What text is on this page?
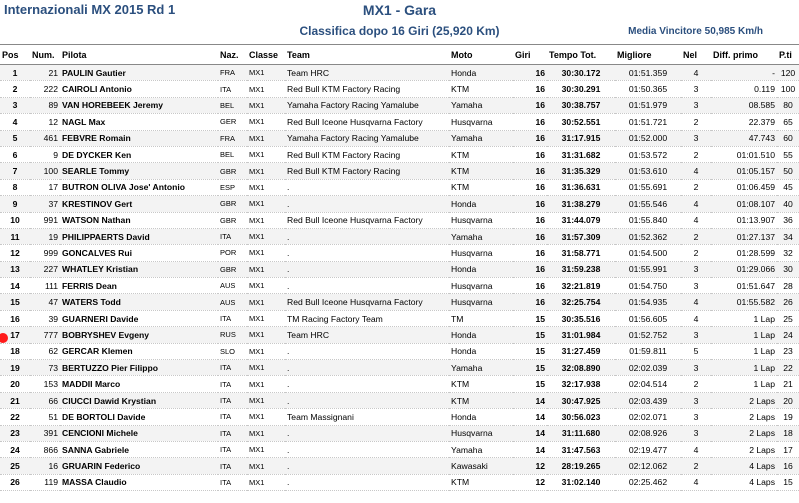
Internazionali MX 2015 Rd 1	MX1 - Gara
Classifica dopo 16 Giri (25,920 Km)	Media Vincitore 50,985 Km/h
Pos	Num.	Pilota	Naz.	Classe	Team	Moto	Giri	Tempo Tot.	Migliore	Nel	Diff. primo	P.ti
1	21	PAULIN Gautier	FRA	MX1	Team HRC	Honda	16	30:30.172	01:51.359	4	-	120
2	222	CAIROLI Antonio	ITA	MX1	Red Bull KTM Factory Racing	KTM	16	30:30.291	01:50.365	3	0.119	100
3	89	VAN HOREBEEK Jeremy	BEL	MX1	Yamaha Factory Racing Yamalube	Yamaha	16	30:38.757	01:51.979	3	08.585	80
4	12	NAGL Max	GER	MX1	Red Bull Iceone Husqvarna Factory	Husqvarna	16	30:52.551	01:51.721	2	22.379	65
5	461	FEBVRE Romain	FRA	MX1	Yamaha Factory Racing Yamalube	Yamaha	16	31:17.915	01:52.000	3	47.743	60
6	9	DE DYCKER Ken	BEL	MX1	Red Bull KTM Factory Racing	KTM	16	31:31.682	01:53.572	2	01:01.510	55
7	100	SEARLE Tommy	GBR	MX1	Red Bull KTM Factory Racing	KTM	16	31:35.329	01:53.610	4	01:05.157	50
8	17	BUTRON OLIVA Jose' Antonio	ESP	MX1	.	KTM	16	31:36.631	01:55.691	2	01:06.459	45
9	37	KRESTINOV Gert	GBR	MX1	.	Honda	16	31:38.279	01:55.546	4	01:08.107	40
10	991	WATSON Nathan	GBR	MX1	Red Bull Iceone Husqvarna Factory	Husqvarna	16	31:44.079	01:55.840	4	01:13.907	36
11	19	PHILIPPAERTS David	ITA	MX1	.	Yamaha	16	31:57.309	01:52.362	2	01:27.137	34
12	999	GONCALVES Rui	POR	MX1	.	Husqvarna	16	31:58.771	01:54.500	2	01:28.599	32
13	227	WHATLEY Kristian	GBR	MX1	.	Honda	16	31:59.238	01:55.991	3	01:29.066	30
14	111	FERRIS Dean	AUS	MX1	.	Husqvarna	16	32:21.819	01:54.750	3	01:51.647	28
15	47	WATERS Todd	AUS	MX1	Red Bull Iceone Husqvarna Factory	Husqvarna	16	32:25.754	01:54.935	4	01:55.582	26
16	39	GUARNERI Davide	ITA	MX1	TM Racing Factory Team	TM	15	30:35.516	01:56.605	4	1 Lap	25
17	777	BOBRYSHEV Evgeny	RUS	MX1	Team HRC	Honda	15	31:01.984	01:52.752	3	1 Lap	24
18	62	GERCAR Klemen	SLO	MX1	.	Honda	15	31:27.459	01:59.811	5	1 Lap	23
19	73	BERTUZZO Pier Filippo	ITA	MX1	.	Yamaha	15	32:08.890	02:02.039	3	1 Lap	22
20	153	MADDII Marco	ITA	MX1	.	KTM	15	32:17.938	02:04.514	2	1 Lap	21
21	66	CIUCCI Dawid Krystian	ITA	MX1	.	KTM	14	30:47.925	02:03.439	3	2 Laps	20
22	51	DE BORTOLI Davide	ITA	MX1	Team Massignani	Honda	14	30:56.023	02:02.071	3	2 Laps	19
23	391	CENCIONI Michele	ITA	MX1	.	Husqvarna	14	31:11.680	02:08.926	3	2 Laps	18
24	866	SANNA Gabriele	ITA	MX1	.	Yamaha	14	31:47.563	02:19.477	4	2 Laps	17
25	16	GRUARIN Federico	ITA	MX1	.	Kawasaki	12	28:19.265	02:12.062	2	4 Laps	16
26	119	MASSA Claudio	ITA	MX1	.	KTM	12	31:02.140	02:25.462	4	4 Laps	15
